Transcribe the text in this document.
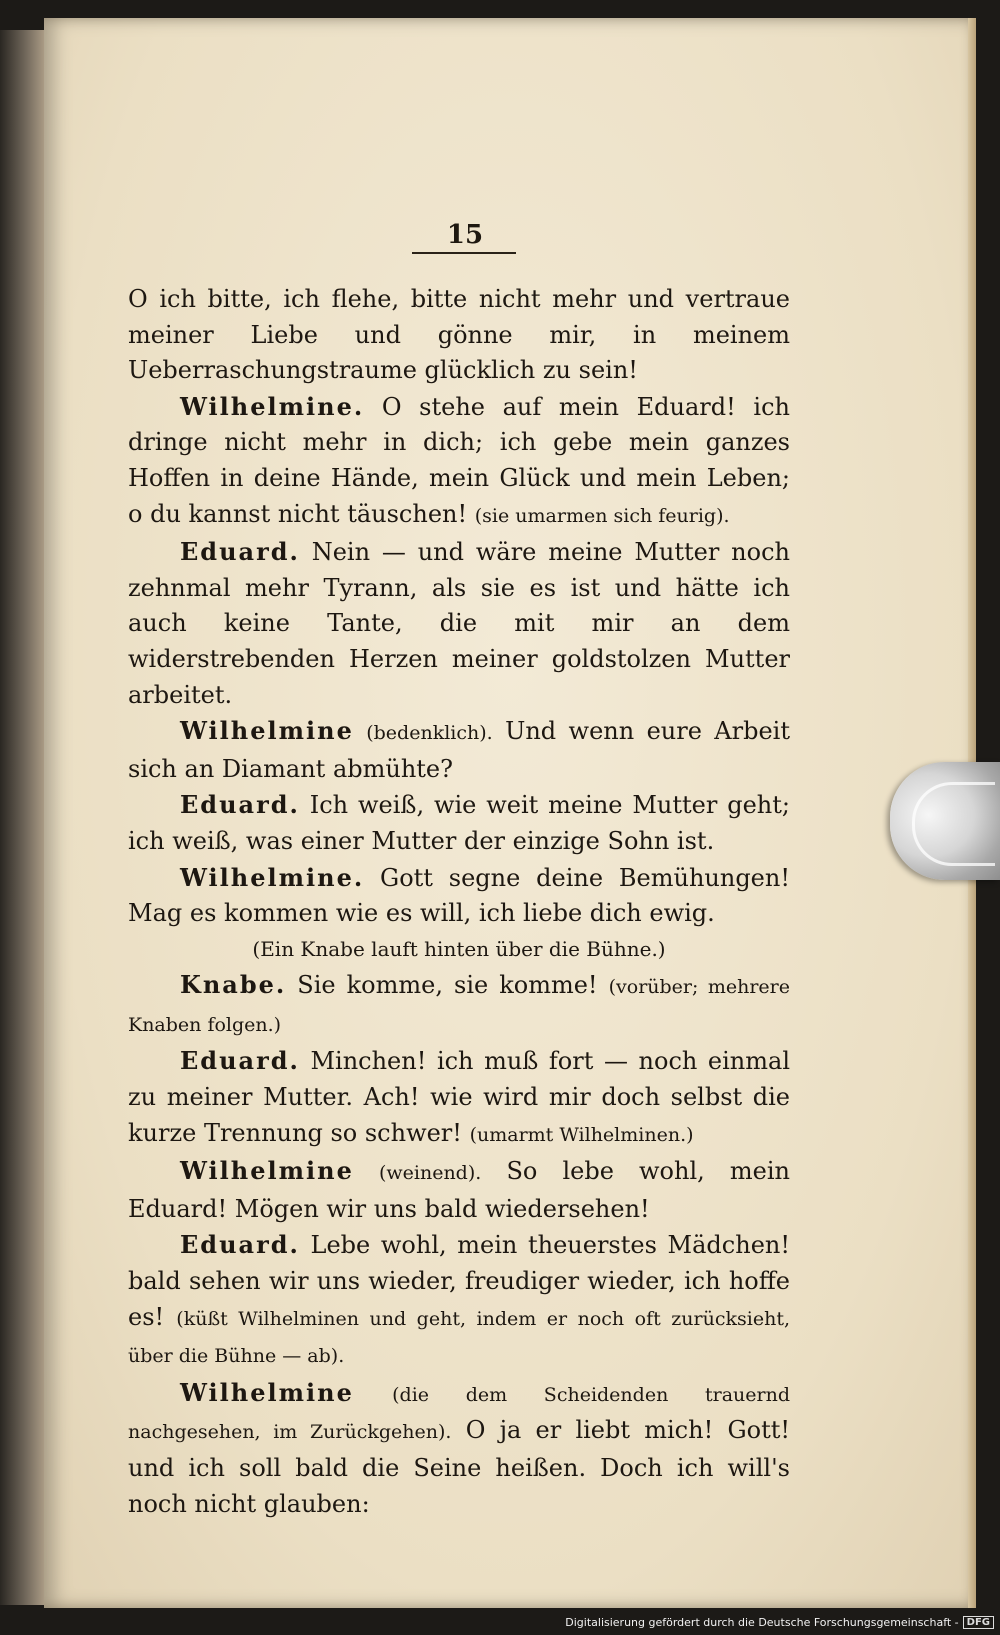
15

O ich bitte, ich flehe, bitte nicht mehr und vertraue meiner Liebe und gönne mir, in meinem Ueberraschungstraume glücklich zu sein!

Wilhelmine. O stehe auf mein Eduard! ich dringe nicht mehr in dich; ich gebe mein ganzes Hoffen in deine Hände, mein Glück und mein Leben; o du kannst nicht täuschen! (sie umarmen sich feurig).

Eduard. Nein — und wäre meine Mutter noch zehnmal mehr Tyrann, als sie es ist und hätte ich auch keine Tante, die mit mir an dem widerstrebenden Herzen meiner goldstolzen Mutter arbeitet.

Wilhelmine (bedenklich). Und wenn eure Arbeit sich an Diamant abmühte?

Eduard. Ich weiß, wie weit meine Mutter geht; ich weiß, was einer Mutter der einzige Sohn ist.

Wilhelmine. Gott segne deine Bemühungen! Mag es kommen wie es will, ich liebe dich ewig.

(Ein Knabe lauft hinten über die Bühne.)

Knabe. Sie komme, sie komme! (vorüber; mehrere Knaben folgen.)

Eduard. Minchen! ich muß fort — noch einmal zu meiner Mutter. Ach! wie wird mir doch selbst die kurze Trennung so schwer! (umarmt Wilhelminen.)

Wilhelmine (weinend). So lebe wohl, mein Eduard! Mögen wir uns bald wiedersehen!

Eduard. Lebe wohl, mein theuerstes Mädchen! bald sehen wir uns wieder, freudiger wieder, ich hoffe es! (küßt Wilhelminen und geht, indem er noch oft zurücksieht, über die Bühne — ab).

Wilhelmine (die dem Scheidenden trauernd nachgesehen, im Zurückgehen). O ja er liebt mich! Gott! und ich soll bald die Seine heißen. Doch ich will's noch nicht glauben:

Digitalisierung gefördert durch die Deutsche Forschungsgemeinschaft - DFG
